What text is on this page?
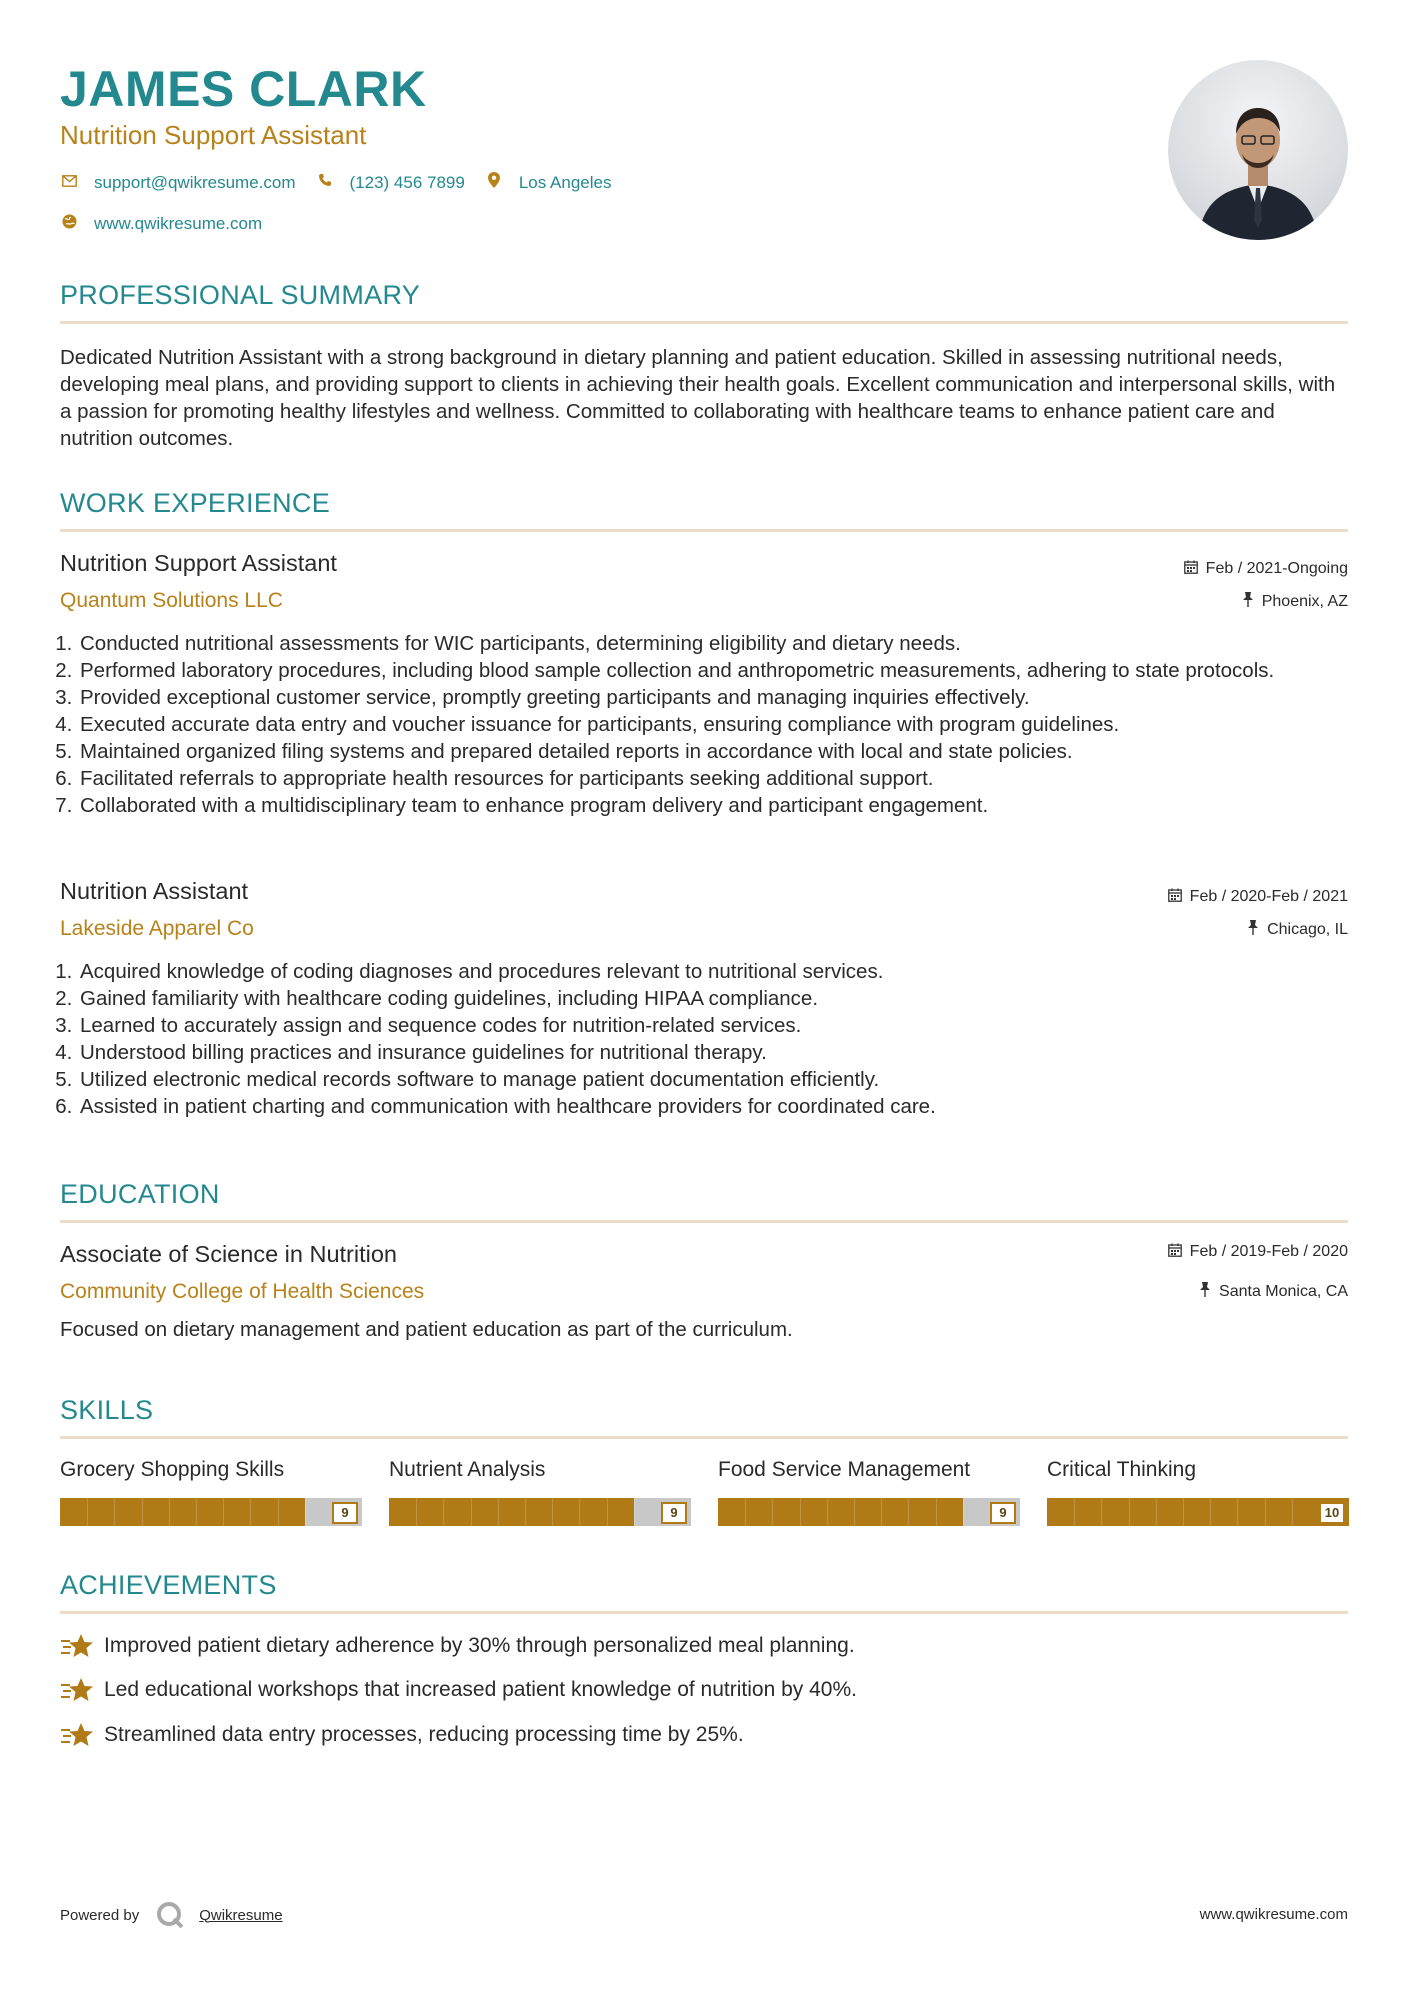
JAMES CLARK
Nutrition Support Assistant
support@qwikresume.com	(123) 456 7899	Los Angeles
www.qwikresume.com
PROFESSIONAL SUMMARY

Dedicated Nutrition Assistant with a strong background in dietary planning and patient education. Skilled in assessing nutritional needs, developing meal plans, and providing support to clients in achieving their health goals. Excellent communication and interpersonal skills, with a passion for promoting healthy lifestyles and wellness. Committed to collaborating with healthcare teams to enhance patient care and nutrition outcomes.

WORK EXPERIENCE
Nutrition Support Assistant
Quantum Solutions LLC
Feb / 2021-Ongoing
Phoenix, AZ
1. Conducted nutritional assessments for WIC participants, determining eligibility and dietary needs.
2. Performed laboratory procedures, including blood sample collection and anthropometric measurements, adhering to state protocols.
3. Provided exceptional customer service, promptly greeting participants and managing inquiries effectively.
4. Executed accurate data entry and voucher issuance for participants, ensuring compliance with program guidelines.
5. Maintained organized filing systems and prepared detailed reports in accordance with local and state policies.
6. Facilitated referrals to appropriate health resources for participants seeking additional support.
7. Collaborated with a multidisciplinary team to enhance program delivery and participant engagement.
Nutrition Assistant
Lakeside Apparel Co
Feb / 2020-Feb / 2021
Chicago, IL
1. Acquired knowledge of coding diagnoses and procedures relevant to nutritional services.
2. Gained familiarity with healthcare coding guidelines, including HIPAA compliance.
3. Learned to accurately assign and sequence codes for nutrition-related services.
4. Understood billing practices and insurance guidelines for nutritional therapy.
5. Utilized electronic medical records software to manage patient documentation efficiently.
6. Assisted in patient charting and communication with healthcare providers for coordinated care.
EDUCATION
Associate of Science in Nutrition
Community College of Health Sciences
Feb / 2019-Feb / 2020
Santa Monica, CA

Focused on dietary management and patient education as part of the curriculum.

SKILLS
Grocery Shopping Skills
9
Nutrient Analysis
9
Food Service Management
9
Critical Thinking
10
ACHIEVEMENTS
Improved patient dietary adherence by 30% through personalized meal planning.
Led educational workshops that increased patient knowledge of nutrition by 40%.
Streamlined data entry processes, reducing processing time by 25%.
Powered by	Qwikresume	www.qwikresume.com
